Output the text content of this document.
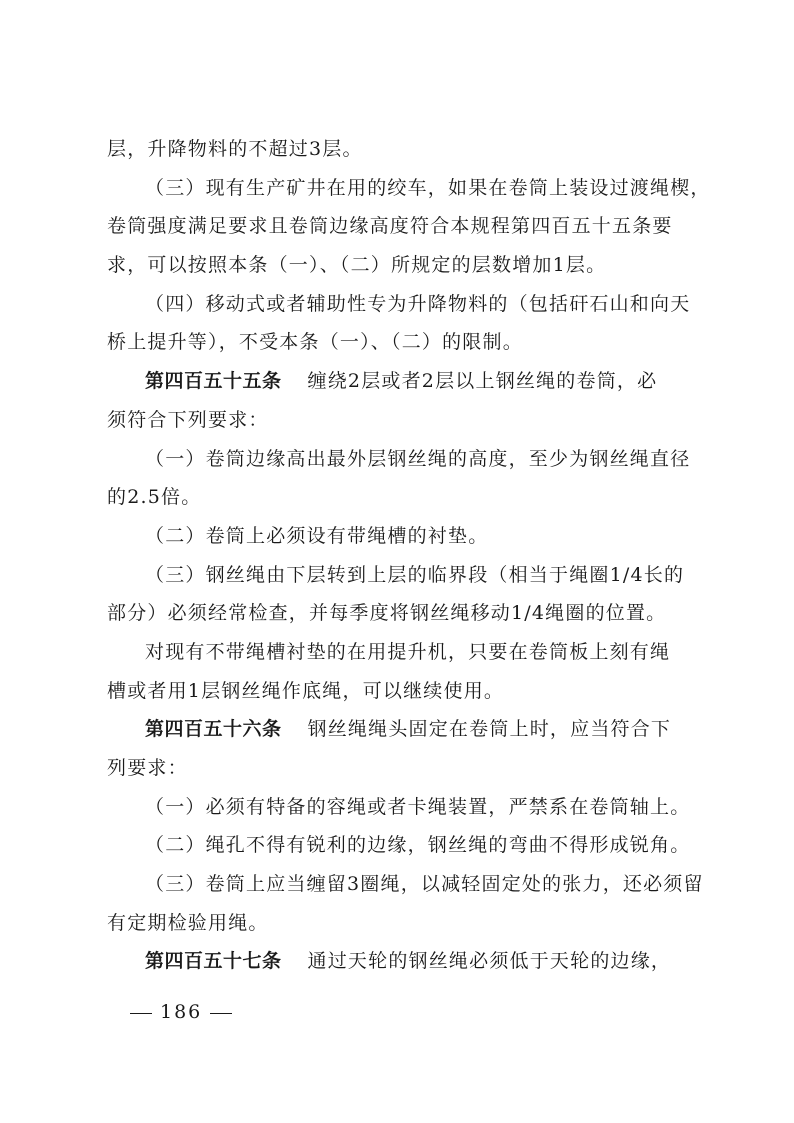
层，升降物料的不超过3层。
（三）现有生产矿井在用的绞车，如果在卷筒上装设过渡绳楔，
卷筒强度满足要求且卷筒边缘高度符合本规程第四百五十五条要
求，可以按照本条（一）、（二）所规定的层数增加1层。
（四）移动式或者辅助性专为升降物料的（包括矸石山和向天
桥上提升等），不受本条（一）、（二）的限制。
第四百五十五条 缠绕2层或者2层以上钢丝绳的卷筒，必
须符合下列要求：
（一）卷筒边缘高出最外层钢丝绳的高度，至少为钢丝绳直径
的2.5倍。
（二）卷筒上必须设有带绳槽的衬垫。
（三）钢丝绳由下层转到上层的临界段（相当于绳圈1/4长的
部分）必须经常检查，并每季度将钢丝绳移动1/4绳圈的位置。
对现有不带绳槽衬垫的在用提升机，只要在卷筒板上刻有绳
槽或者用1层钢丝绳作底绳，可以继续使用。
第四百五十六条 钢丝绳绳头固定在卷筒上时，应当符合下
列要求：
（一）必须有特备的容绳或者卡绳装置，严禁系在卷筒轴上。
（二）绳孔不得有锐利的边缘，钢丝绳的弯曲不得形成锐角。
（三）卷筒上应当缠留3圈绳，以减轻固定处的张力，还必须留
有定期检验用绳。
第四百五十七条 通过天轮的钢丝绳必须低于天轮的边缘，
186
